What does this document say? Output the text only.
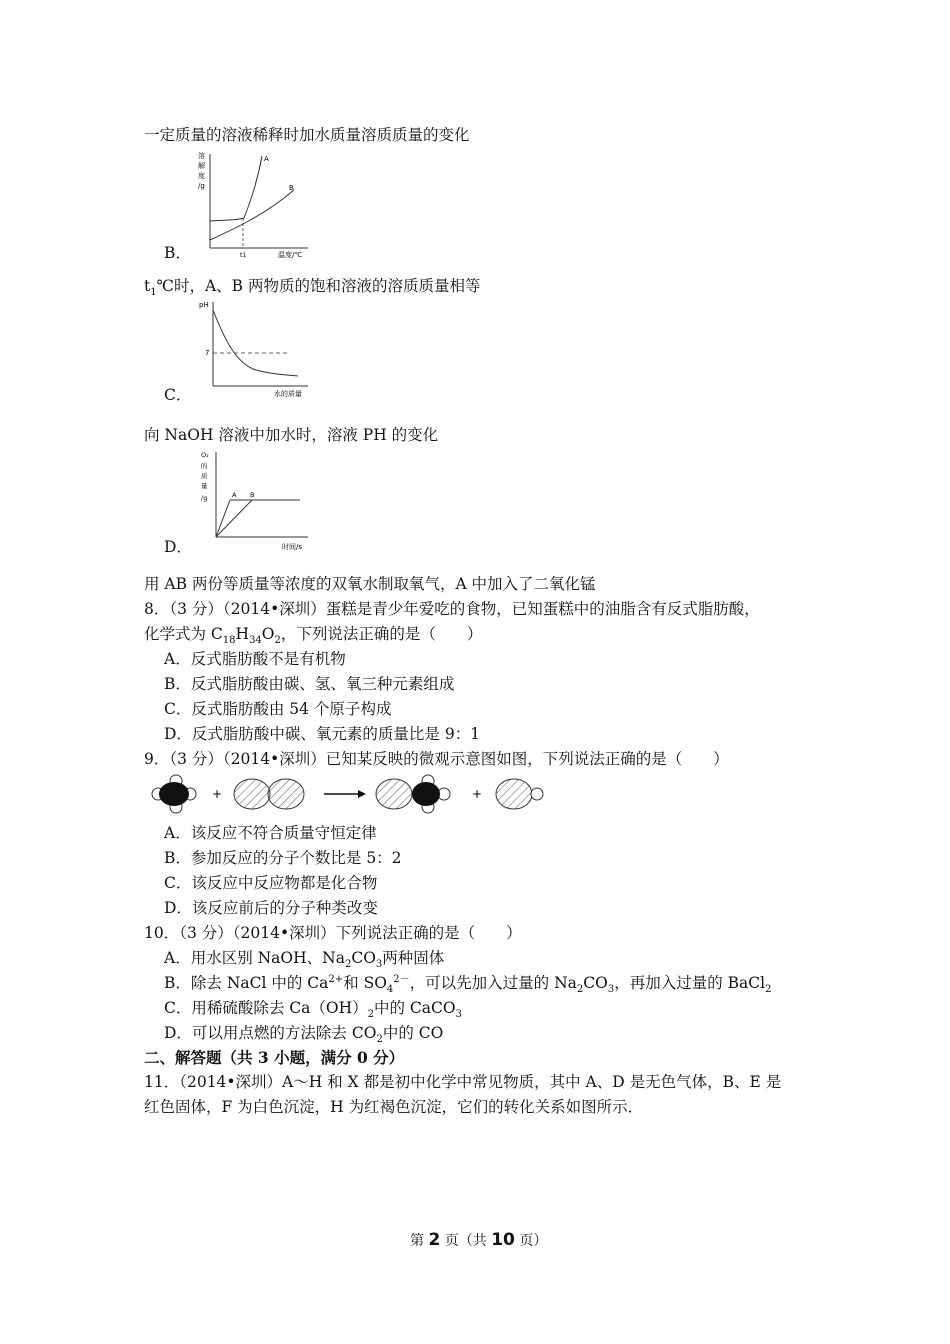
一定质量的溶液稀释时加水质量溶质质量的变化
溶
解
度
/g
A
B
t1	温度/℃
B．
$t_1℃$时，A、B 两物质的饱和溶液的溶质质量相等
pH
7
水的质量
C．
向 NaOH 溶液中加水时，溶液 PH 的变化
O₂
的
质
量
/g	A B
时间/s
D．
用 AB 两份等质量等浓度的双氧水制取氧气，A 中加入了二氧化锰
8．（3 分）（2014•深圳）蛋糕是青少年爱吃的食物，已知蛋糕中的油脂含有反式脂肪酸，
化学式为 $C_{18}H_{34}O_2$，下列说法正确的是（　　）
A．反式脂肪酸不是有机物
B．反式脂肪酸由碳、氢、氧三种元素组成
C．反式脂肪酸由 54 个原子构成
D．反式脂肪酸中碳、氧元素的质量比是 9：1
9．（3 分）（2014•深圳）已知某反映的微观示意图如图，下列说法正确的是（　　）
+	+
A．该反应不符合质量守恒定律
B．参加反应的分子个数比是 5：2
C．该反应中反应物都是化合物
D．该反应前后的分子种类改变
10．（3 分）（2014•深圳）下列说法正确的是（　　）
A．用水区别 NaOH、$Na_2CO_3$两种固体
B．除去 NaCl 中的 $Ca^{2+}$和 $SO_4^{2-}$，可以先加入过量的 $Na_2CO_3$，再加入过量的 BaCl$_2$
C．用稀硫酸除去 $Ca(OH)_2$中的 CaCO$_3$
D．可以用点燃的方法除去 $CO_2$中的 CO
二、解答题（共 3 小题，满分 0 分）
11．（2014•深圳）A～H 和 X 都是初中化学中常见物质，其中 A、D 是无色气体，B、E 是
红色固体，F 为白色沉淀，H 为红褐色沉淀，它们的转化关系如图所示．
第 2 页（共 10 页）
